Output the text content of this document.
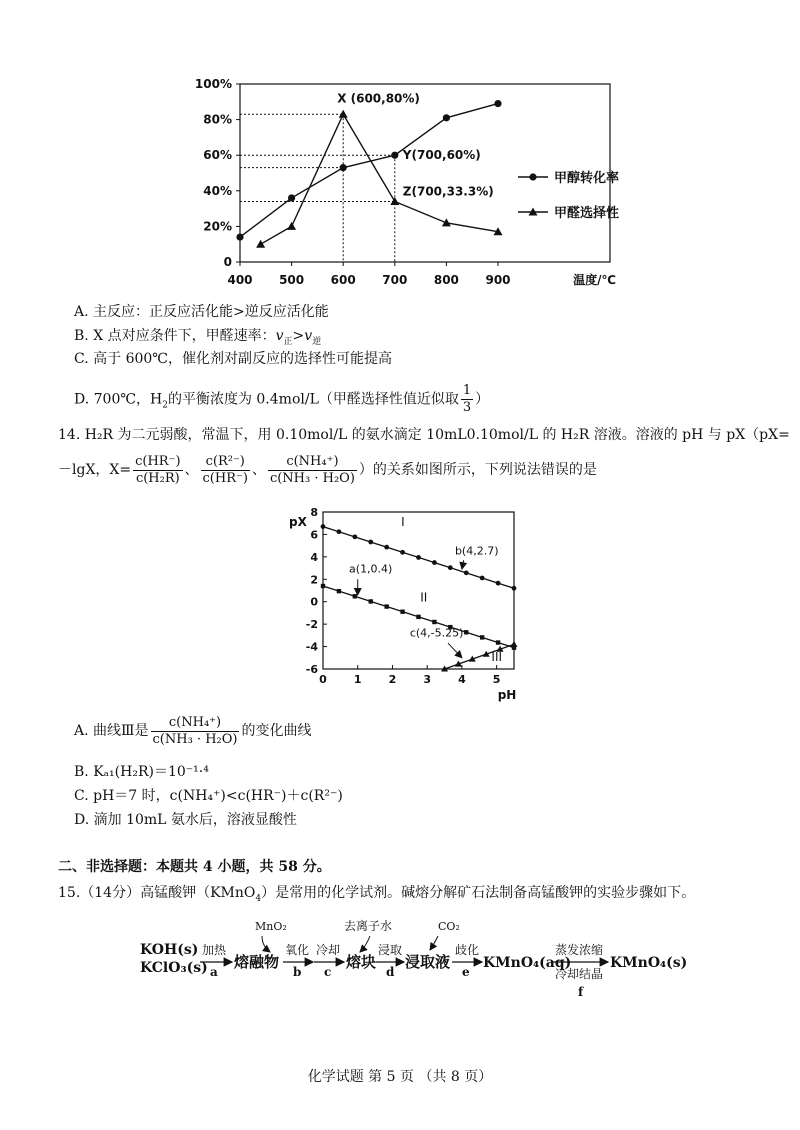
0
20%
40%
60%
80%
100%
400 500 600 700 800 900	温度/℃
X (600,80%)
Y(700,60%)
Z(700,33.3%)
甲醇转化率
甲醛选择性
A. 主反应：正反应活化能>逆反应活化能
B. X 点对应条件下，甲醛速率：$v_正>v_逆$
C. 高于 600℃，催化剂对副反应的选择性可能提高
D. 700℃，$H_2$的平衡浓度为 0.4mol/L（甲醛选择性值近似取 $\frac{1}{3}$ ）
14. H₂R 为二元弱酸，常温下，用 0.10mol/L 的氨水滴定 10mL0.10mol/L 的 H₂R 溶液。溶液的 pH 与 pX（pX=
－lgX，$X= \frac{c(HR^-)}{\text{c(H₂R)}}$ 、 $\frac{\text{c(R²⁻)}}{c(HR^-)}$ 、 $\frac{\text{c(NH₄⁺)}}{\text{c(NH₃ · H₂O)}}$ ）的关系如图所示，下列说法错误的是
pX
8
6
4
2
0
-2
-4
-6
0 1 2 3 4 5
pH
I
II
III
b(4,2.7)
a(1,0.4)
c(4,-5.25)
A. 曲线Ⅲ是 $\frac{\text{c(NH₄⁺)}}{\text{c(NH₃ · H₂O)}}$ 的变化曲线
B. Kₐ₁(H₂R)＝10⁻¹·⁴
C. pH＝7 时，c(NH₄⁺)<c(HR⁻)＋c(R²⁻)
D. 滴加 10mL 氨水后，溶液显酸性
二、非选择题：本题共 4 小题，共 58 分。
15.（14分）高锰酸钾（KMnO$_4$）是常用的化学试剂。碱熔分解矿石法制备高锰酸钾的实验步骤如下。
KOH(s)
KClO₃(s)
加热
a
MnO₂
熔融物
氧化
b
冷却
c
去离子水
熔块
浸取
d
浸取液
CO₂
歧化
e
KMnO₄(aq)
蒸发浓缩
冷却结晶
f
KMnO₄(s)
化学试题 第 5 页 （共 8 页）
